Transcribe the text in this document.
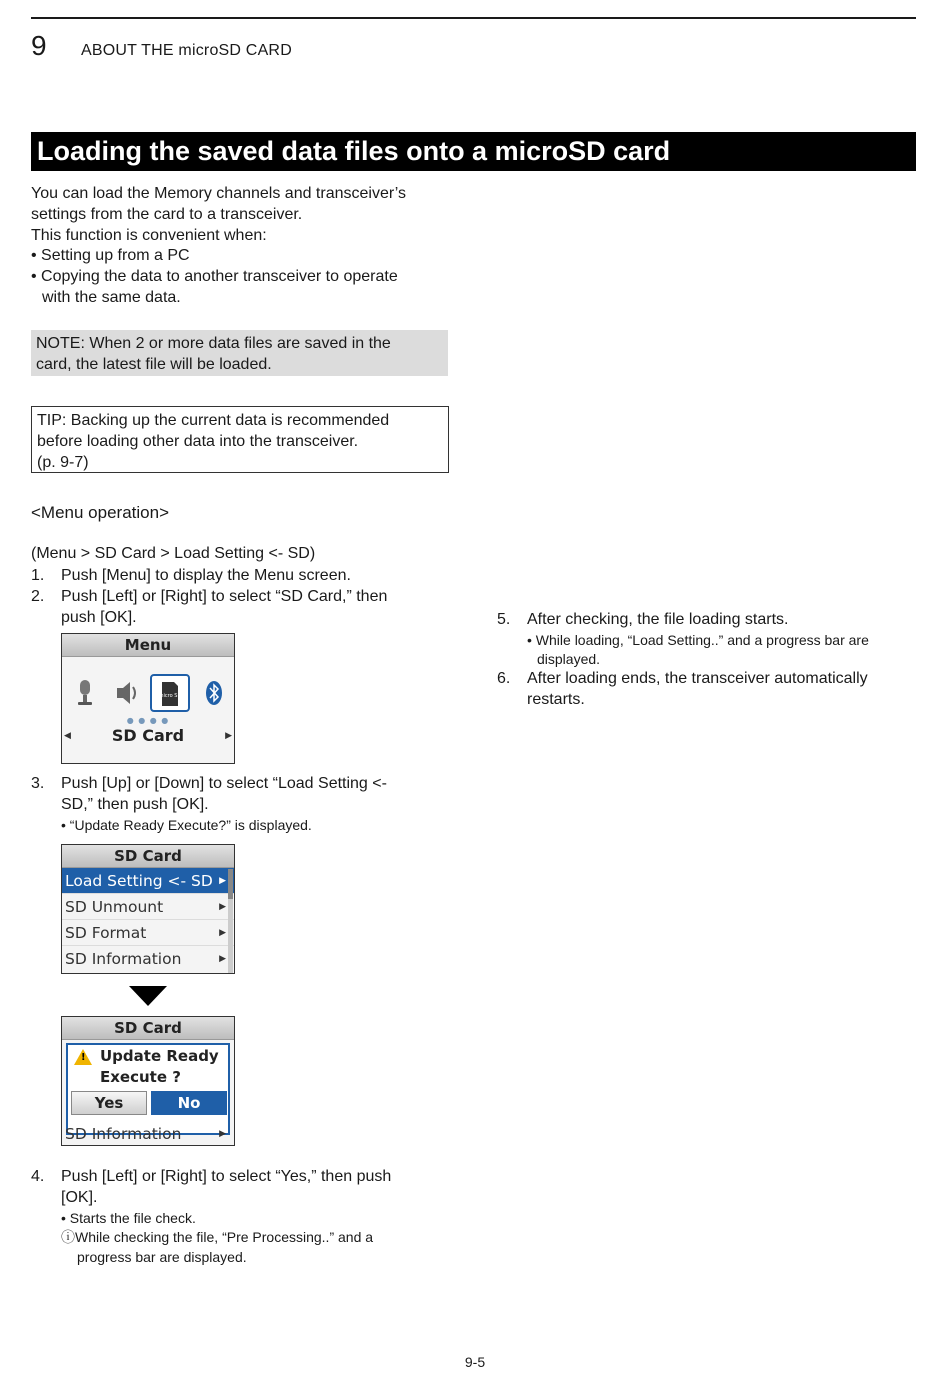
9 ABOUT THE microSD CARD
Loading the saved data files onto a microSD card
You can load the Memory channels and transceiver’s
settings from the card to a transceiver.
This function is convenient when:
• Setting up from a PC
• Copying the data to another transceiver to operate
with the same data.
NOTE: When 2 or more data files are saved in the
card, the latest file will be loaded.
TIP: Backing up the current data is recommended
before loading other data into the transceiver.
(p. 9-7)
<Menu operation>
(Menu > SD Card > Load Setting <- SD)
1.	Push [Menu] to display the Menu screen.
2.	Push [Left] or [Right] to select “SD Card,” then
push [OK].
Menu
micro SD
● ● ● ●
◀	SD Card	▶
3.	Push [Up] or [Down] to select “Load Setting <-
SD,” then push [OK].
• “Update Ready Execute?” is displayed.
SD Card
Load Setting <- SD ▶
SD Unmount	▶
SD Format	▶
SD Information	▶
SD Card
! Update Ready
Execute ?
Yes	No
SD Information	▶
4.	Push [Left] or [Right] to select “Yes,” then push
[OK].
• Starts the file check.
ⓘWhile checking the file, “Pre Processing..” and a
progress bar are displayed.
5.	After checking, the file loading starts.
• While loading, “Load Setting..” and a progress bar are
displayed.
6.	After loading ends, the transceiver automatically
restarts.
9-5
